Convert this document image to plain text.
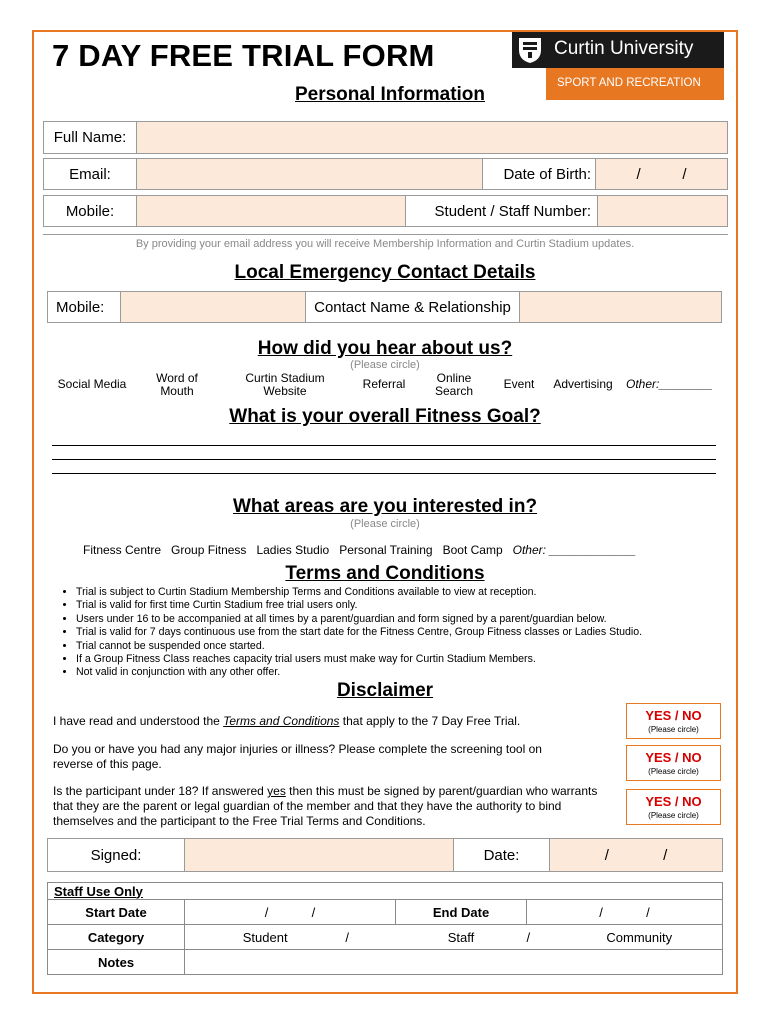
7 DAY FREE TRIAL FORM	Curtin University
SPORT AND RECREATION
Personal Information
Full Name:	
Email:		Date of Birth:	/          /
Mobile:		Student / Staff Number:	
By providing your email address you will receive Membership Information and Curtin Stadium updates.
Local Emergency Contact Details
Mobile:		Contact Name & Relationship	
How did you hear about us?
(Please circle)
Social Media	Word of Mouth
Curtin Stadium Website	Referral	Online Search	Event	Advertising Other:________
What is your overall Fitness Goal?
What areas are you interested in?
(Please circle)
Fitness Centre Group Fitness Ladies Studio Personal Training Boot Camp Other: _____________
Terms and Conditions
• Trial is subject to Curtin Stadium Membership Terms and Conditions available to view at reception.
• Trial is valid for first time Curtin Stadium free trial users only.
• Users under 16 to be accompanied at all times by a parent/guardian and form signed by a parent/guardian below.
• Trial is valid for 7 days continuous use from the start date for the Fitness Centre, Group Fitness classes or Ladies Studio.
• Trial cannot be suspended once started.
• If a Group Fitness Class reaches capacity trial users must make way for Curtin Stadium Members.
• Not valid in conjunction with any other offer.
Disclaimer
I have read and understood the Terms and Conditions that apply to the 7 Day Free Trial.	YES / NO
(Please circle)
Do you or have you had any major injuries or illness? Please complete the screening tool on reverse of this page.	YES / NO
(Please circle)
Is the participant under 18? If answered yes then this must be signed by parent/guardian who warrants that they are the parent or legal guardian of the member and that they have the authority to bind themselves and the participant to the Free Trial Terms and Conditions.
YES / NO
(Please circle)
Signed:		Date:	/             /
Staff Use Only					
Start Date	/            /		End Date	/            /	
Category	Student	/	Staff	/	Community
Notes					
